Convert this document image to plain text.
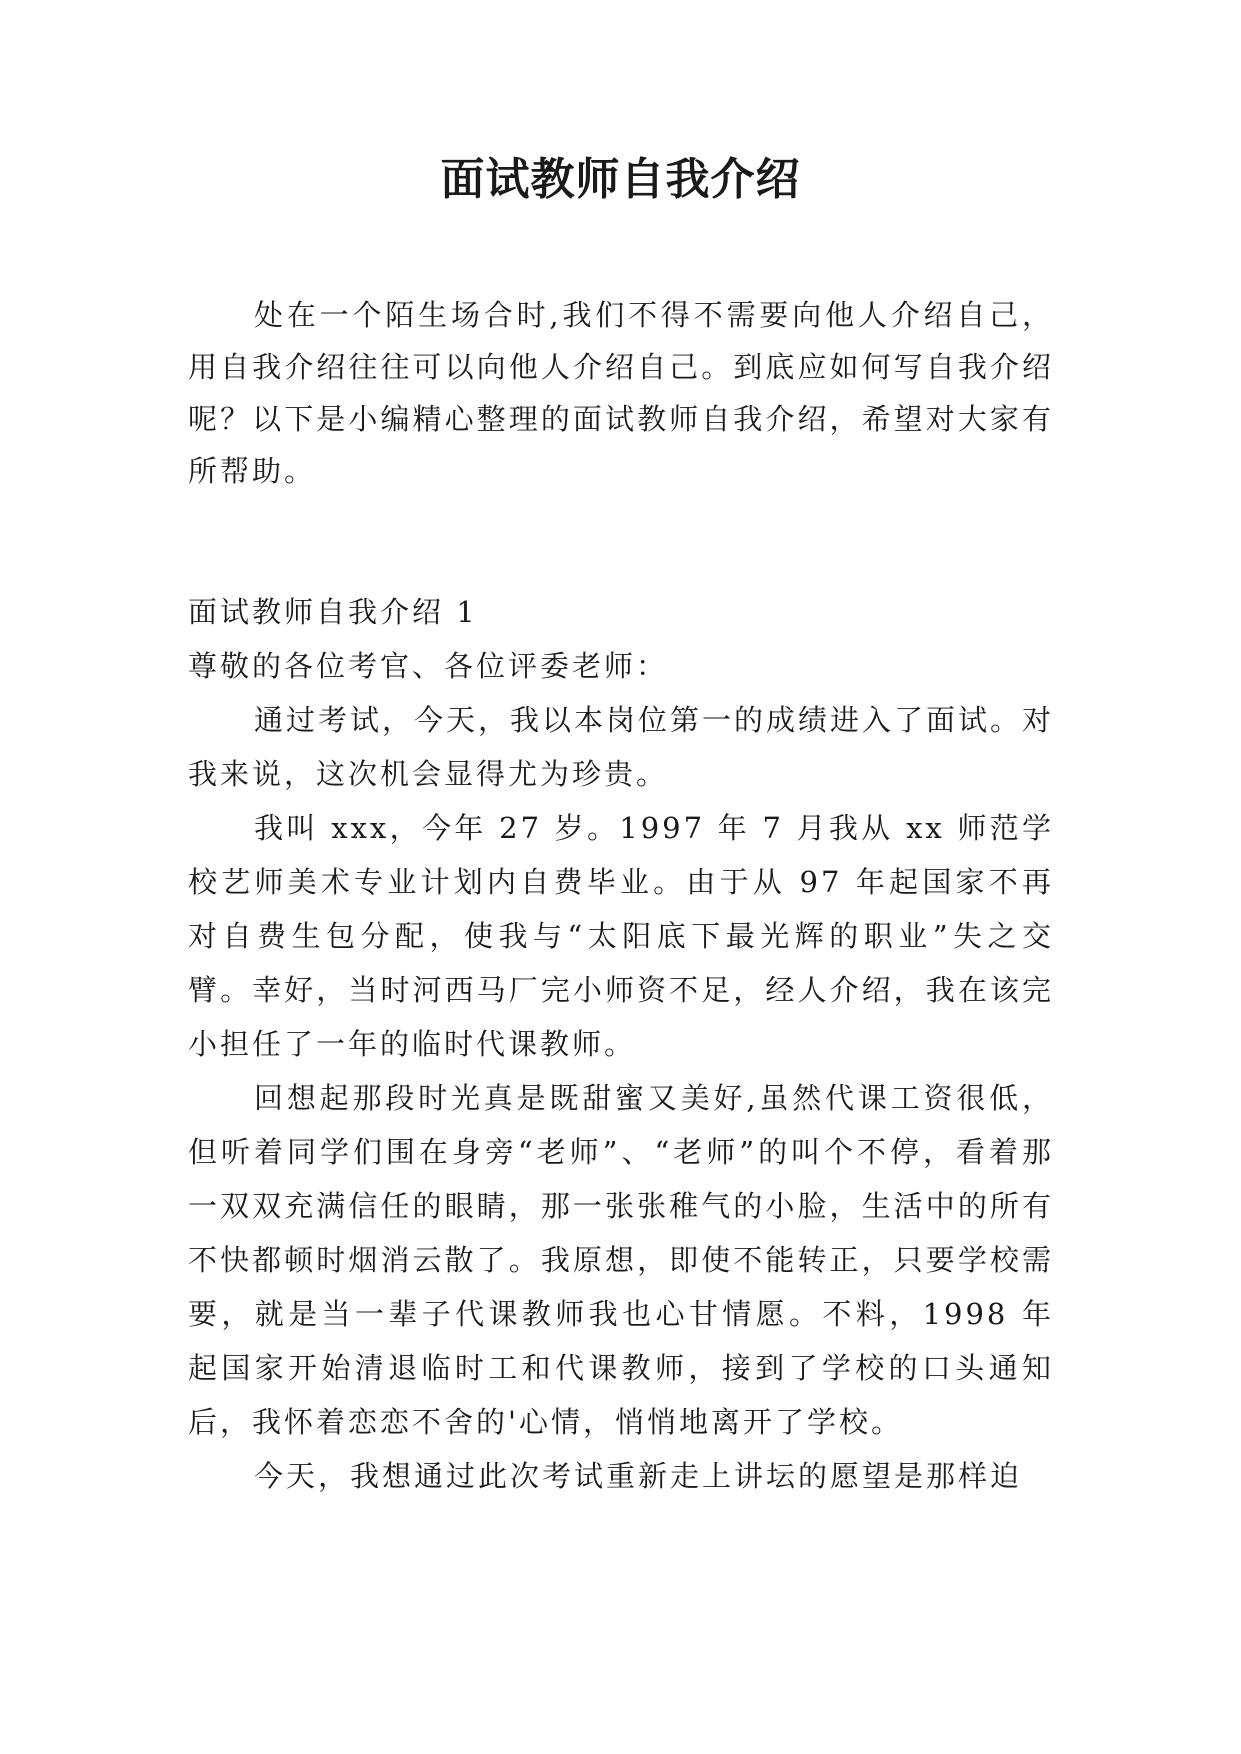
面试教师自我介绍

处在一个陌生场合时,我们不得不需要向他人介绍自己，用自我介绍往往可以向他人介绍自己。到底应如何写自我介绍呢？以下是小编精心整理的面试教师自我介绍，希望对大家有所帮助。

面试教师自我介绍 1

尊敬的各位考官、各位评委老师：

通过考试，今天，我以本岗位第一的成绩进入了面试。对我来说，这次机会显得尤为珍贵。

我叫 xxx，今年 27 岁。1997 年 7 月我从 xx 师范学校艺师美术专业计划内自费毕业。由于从 97 年起国家不再对自费生包分配，使我与“太阳底下最光辉的职业”失之交臂。幸好，当时河西马厂完小师资不足，经人介绍，我在该完小担任了一年的临时代课教师。

回想起那段时光真是既甜蜜又美好,虽然代课工资很低，但听着同学们围在身旁“老师”、“老师”的叫个不停，看着那一双双充满信任的眼睛，那一张张稚气的小脸，生活中的所有不快都顿时烟消云散了。我原想，即使不能转正，只要学校需要，就是当一辈子代课教师我也心甘情愿。不料，1998 年起国家开始清退临时工和代课教师，接到了学校的口头通知后，我怀着恋恋不舍的'心情，悄悄地离开了学校。

今天，我想通过此次考试重新走上讲坛的愿望是那样迫
